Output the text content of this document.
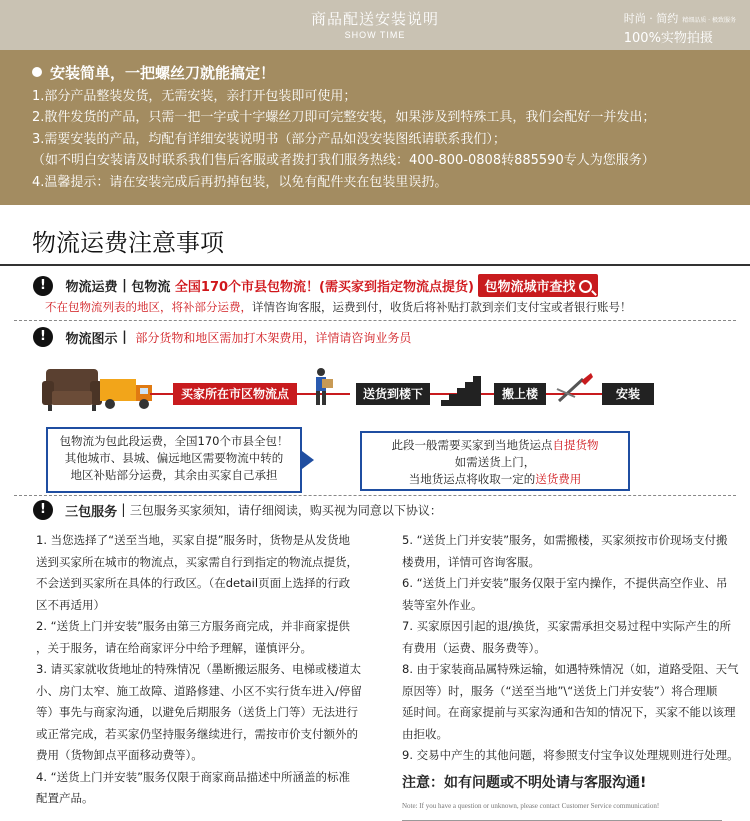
商品配送安装说明
SHOW TIME
时尚 · 简约 精细品质 · 极致服务
100%实物拍摄
安装简单，一把螺丝刀就能搞定！
1.部分产品整装发货，无需安装，亲打开包装即可使用；
2.散件发货的产品，只需一把一字或十字螺丝刀即可完整安装，如果涉及到特殊工具，我们会配好一并发出；
3.需要安装的产品，均配有详细安装说明书（部分产品如没安装图纸请联系我们）；
（如不明白安装请及时联系我们售后客服或者拨打我们服务热线：400-800-0808转885590专人为您服务）
4.温馨提示：请在安装完成后再扔掉包装，以免有配件夹在包装里误扔。
物流运费注意事项
! 物流运费 | 包物流 全国170个市县包物流！(需买家到指定物流点提货) 包物流城市查找
不在包物流列表的地区，将补部分运费，详情咨询客服，运费到付，收货后将补贴打款到亲们支付宝或者银行账号！
! 物流图示 | 部分货物和地区需加打木架费用，详情请咨询业务员
买家所在市区物流点	送货到楼下	搬上楼	安装
包物流为包此段运费，全国170个市县全包！
其他城市、县城、偏远地区需要物流中转的
地区补贴部分运费，其余由买家自己承担
此段一般需要买家到当地货运点自提货物
如需送货上门，
当地货运点将收取一定的送货费用
! 三包服务 | 三包服务买家须知，请仔细阅读，购买视为同意以下协议：
1. 当您选择了“送至当地，买家自提”服务时，货物是从发货地
送到买家所在城市的物流点，买家需自行到指定的物流点提货，
不会送到买家所在具体的行政区。（在detail页面上选择的行政
区不再适用）
2. “送货上门并安装”服务由第三方服务商完成，并非商家提供
，关于服务，请在给商家评分中给予理解，谨慎评分。
3. 请买家就收货地址的特殊情况（墨断搬运服务、电梯或楼道太
小、房门太窄、施工故障、道路修建、小区不实行货车进入/停留
等）事先与商家沟通，以避免后期服务（送货上门等）无法进行
或正常完成，若买家仍坚持服务继续进行，需按市价支付额外的
费用（货物卸点平面移动费等）。
4. “送货上门并安装”服务仅限于商家商品描述中所涵盖的标准
配置产品。
5. “送货上门并安装”服务，如需搬楼，买家须按市价现场支付搬
楼费用，详情可咨询客服。
6. “送货上门并安装”服务仅限于室内操作，不提供高空作业、吊
装等室外作业。
7. 买家原因引起的退/换货，买家需承担交易过程中实际产生的所
有费用（运费、服务费等）。
8. 由于家装商品属特殊运输，如遇特殊情况（如，道路受阻、天气
原因等）时，服务（“送至当地”\“送货上门并安装”）将合理顺
延时间。在商家提前与买家沟通和告知的情况下，买家不能以该理
由拒收。
9. 交易中产生的其他问题，将参照支付宝争议处理规则进行处理。
注意：如有问题或不明处请与客服沟通!
Note: If you have a question or unknown, please contact Customer Service communication!
